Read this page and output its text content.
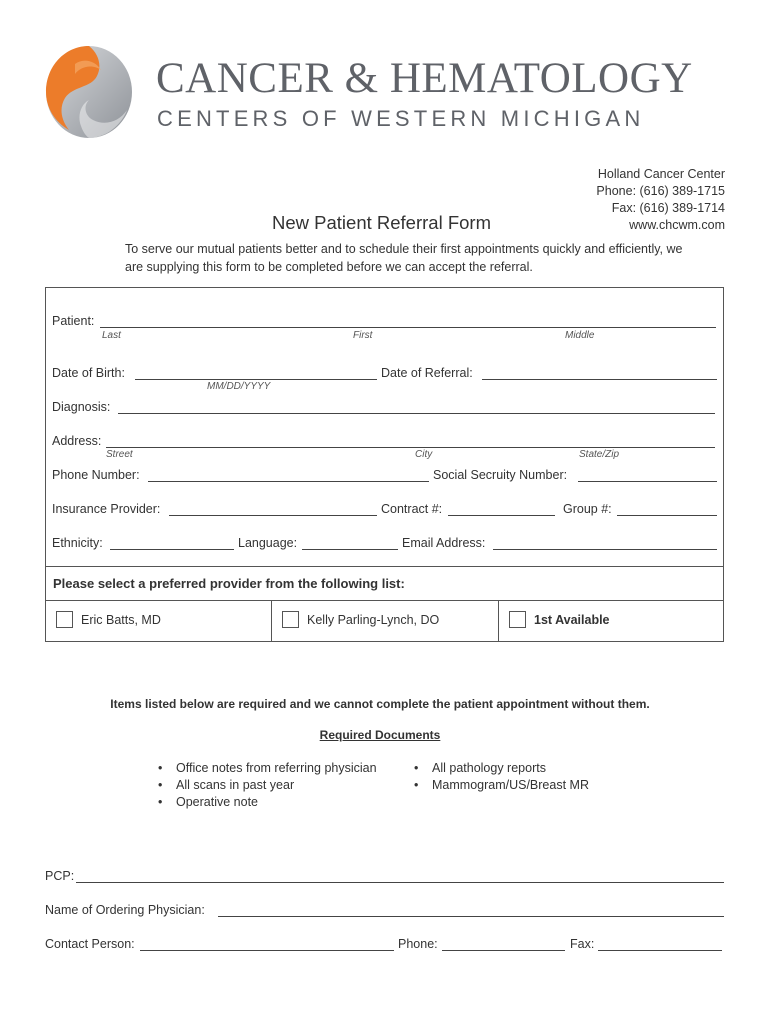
CANCER & HEMATOLOGY
CENTERS OF WESTERN MICHIGAN
Holland Cancer Center
Phone: (616) 389-1715
Fax: (616) 389-1714
www.chcwm.com
New Patient Referral Form
To serve our mutual patients better and to schedule their first appointments quickly and efficiently, we are supplying this form to be completed before we can accept the referral.
Patient:
Last	First	Middle
Date of Birth:
MM/DD/YYYY
Date of Referral:
Diagnosis:
Address:
Street	City	State/Zip
Phone Number:	Social Secruity Number:
Insurance Provider:	Contract #:	Group #:
Ethnicity:	Language:	Email Address:
Please select a preferred provider from the following list:
Eric Batts, MD	Kelly Parling-Lynch, DO	1st Available
Items listed below are required and we cannot complete the patient appointment without them.
Required Documents
• Office notes from referring physician
• All scans in past year
• Operative note
• All pathology reports
• Mammogram/US/Breast MR
PCP:
Name of Ordering Physician:
Contact Person:	Phone:	Fax:
